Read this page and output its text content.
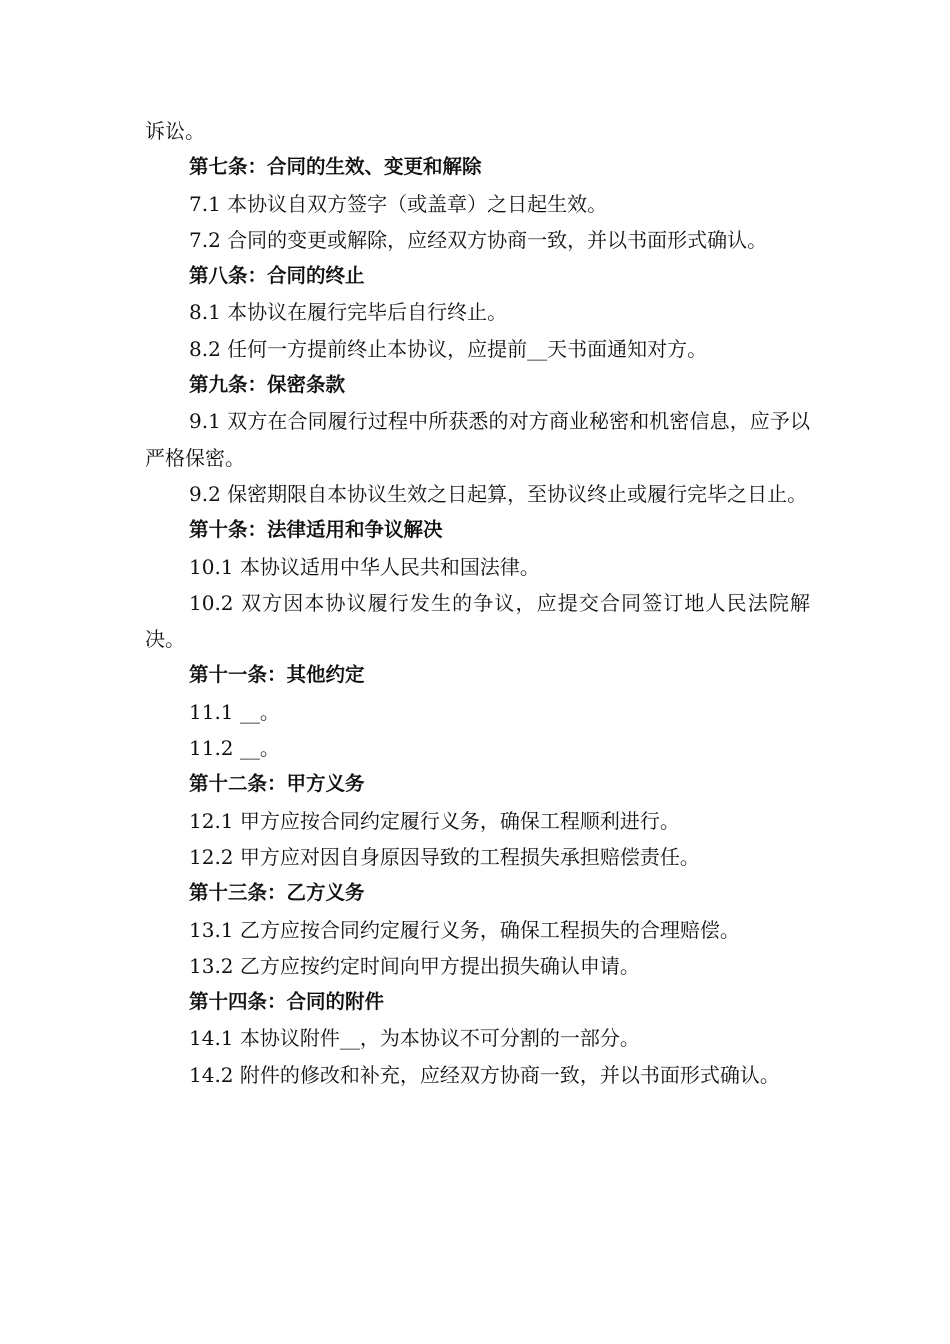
诉讼。

第七条：合同的生效、变更和解除

7.1 本协议自双方签字（或盖章）之日起生效。

7.2 合同的变更或解除，应经双方协商一致，并以书面形式确认。

第八条：合同的终止

8.1 本协议在履行完毕后自行终止。

8.2 任何一方提前终止本协议，应提前__天书面通知对方。

第九条：保密条款

9.1 双方在合同履行过程中所获悉的对方商业秘密和机密信息，应予以严格保密。

9.2 保密期限自本协议生效之日起算，至协议终止或履行完毕之日止。

第十条：法律适用和争议解决

10.1 本协议适用中华人民共和国法律。

10.2 双方因本协议履行发生的争议，应提交合同签订地人民法院解决。

第十一条：其他约定

11.1 __。

11.2 __。

第十二条：甲方义务

12.1 甲方应按合同约定履行义务，确保工程顺利进行。

12.2 甲方应对因自身原因导致的工程损失承担赔偿责任。

第十三条：乙方义务

13.1 乙方应按合同约定履行义务，确保工程损失的合理赔偿。

13.2 乙方应按约定时间向甲方提出损失确认申请。

第十四条：合同的附件

14.1 本协议附件__，为本协议不可分割的一部分。

14.2 附件的修改和补充，应经双方协商一致，并以书面形式确认。
